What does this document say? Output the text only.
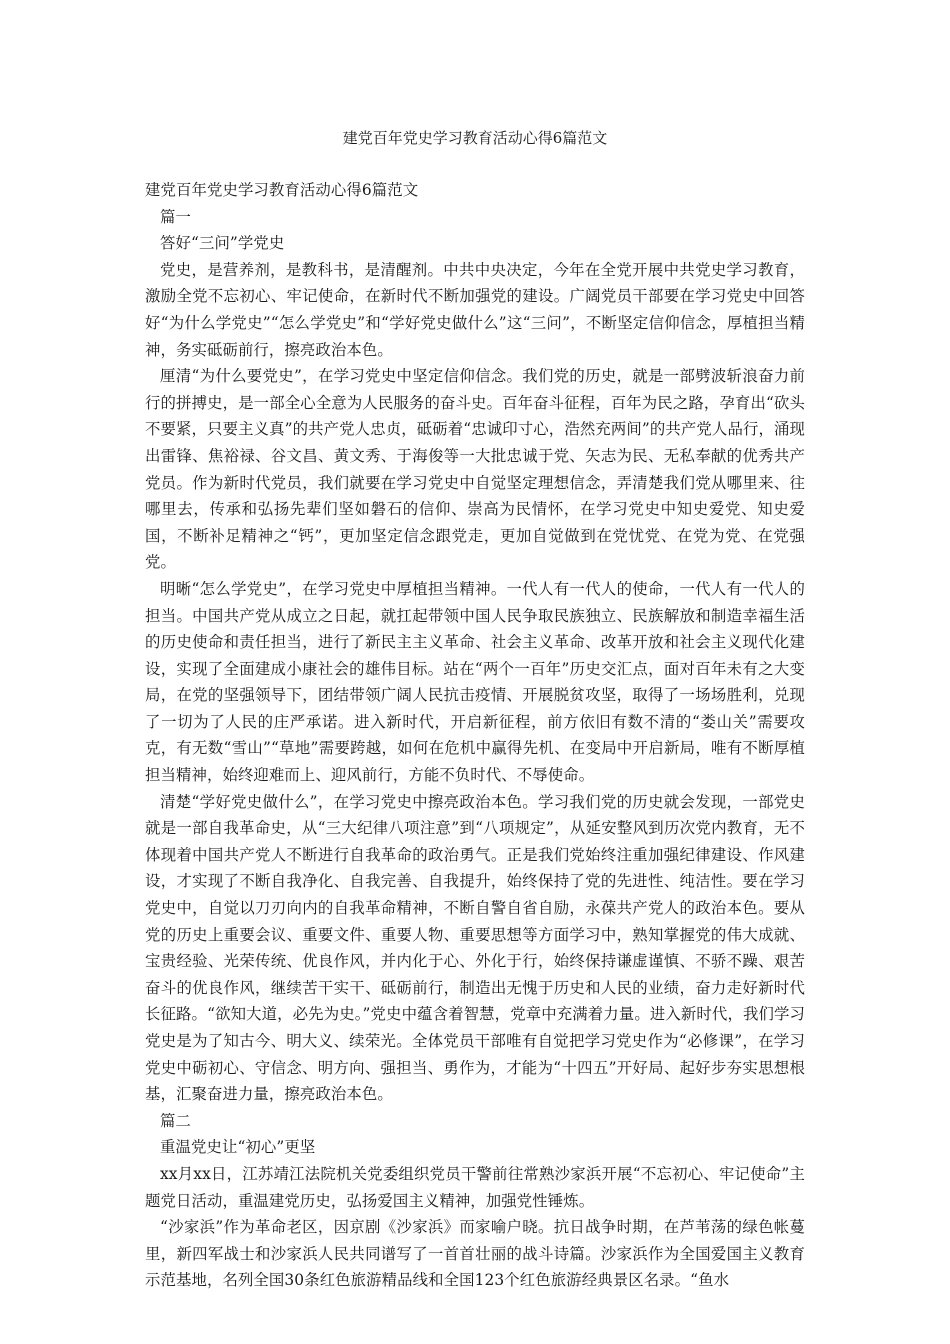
建党百年党史学习教育活动心得6篇范文

建党百年党史学习教育活动心得6篇范文

篇一

答好“三问”学党史

党史，是营养剂，是教科书，是清醒剂。中共中央决定，今年在全党开展中共党史学习教育，激励全党不忘初心、牢记使命，在新时代不断加强党的建设。广阔党员干部要在学习党史中回答好“为什么学党史”“怎么学党史”和“学好党史做什么”这“三问”，不断坚定信仰信念，厚植担当精神，务实砥砺前行，擦亮政治本色。

厘清“为什么要党史”，在学习党史中坚定信仰信念。我们党的历史，就是一部劈波斩浪奋力前行的拼搏史，是一部全心全意为人民服务的奋斗史。百年奋斗征程，百年为民之路，孕育出“砍头不要紧，只要主义真”的共产党人忠贞，砥砺着“忠诚印寸心，浩然充两间”的共产党人品行，涌现出雷锋、焦裕禄、谷文昌、黄文秀、于海俊等一大批忠诚于党、矢志为民、无私奉献的优秀共产党员。作为新时代党员，我们就要在学习党史中自觉坚定理想信念，弄清楚我们党从哪里来、往哪里去，传承和弘扬先辈们坚如磐石的信仰、崇高为民情怀，在学习党史中知史爱党、知史爱国，不断补足精神之“钙”，更加坚定信念跟党走，更加自觉做到在党忧党、在党为党、在党强党。

明晰“怎么学党史”，在学习党史中厚植担当精神。一代人有一代人的使命，一代人有一代人的担当。中国共产党从成立之日起，就扛起带领中国人民争取民族独立、民族解放和制造幸福生活的历史使命和责任担当，进行了新民主主义革命、社会主义革命、改革开放和社会主义现代化建设，实现了全面建成小康社会的雄伟目标。站在“两个一百年”历史交汇点，面对百年未有之大变局，在党的坚强领导下，团结带领广阔人民抗击疫情、开展脱贫攻坚，取得了一场场胜利，兑现了一切为了人民的庄严承诺。进入新时代，开启新征程，前方依旧有数不清的“娄山关”需要攻克，有无数“雪山”“草地”需要跨越，如何在危机中赢得先机、在变局中开启新局，唯有不断厚植担当精神，始终迎难而上、迎风前行，方能不负时代、不辱使命。

清楚“学好党史做什么”，在学习党史中擦亮政治本色。学习我们党的历史就会发现，一部党史就是一部自我革命史，从“三大纪律八项注意”到“八项规定”，从延安整风到历次党内教育，无不体现着中国共产党人不断进行自我革命的政治勇气。正是我们党始终注重加强纪律建设、作风建设，才实现了不断自我净化、自我完善、自我提升，始终保持了党的先进性、纯洁性。要在学习党史中，自觉以刀刃向内的自我革命精神，不断自警自省自励，永葆共产党人的政治本色。要从党的历史上重要会议、重要文件、重要人物、重要思想等方面学习中，熟知掌握党的伟大成就、宝贵经验、光荣传统、优良作风，并内化于心、外化于行，始终保持谦虚谨慎、不骄不躁、艰苦奋斗的优良作风，继续苦干实干、砥砺前行，制造出无愧于历史和人民的业绩，奋力走好新时代长征路。“欲知大道，必先为史。”党史中蕴含着智慧，党章中充满着力量。进入新时代，我们学习党史是为了知古今、明大义、续荣光。全体党员干部唯有自觉把学习党史作为“必修课”，在学习党史中砺初心、守信念、明方向、强担当、勇作为，才能为“十四五”开好局、起好步夯实思想根基，汇聚奋进力量，擦亮政治本色。

篇二

重温党史让“初心”更坚

xx月xx日，江苏靖江法院机关党委组织党员干警前往常熟沙家浜开展“不忘初心、牢记使命”主题党日活动，重温建党历史，弘扬爱国主义精神，加强党性锤炼。

“沙家浜”作为革命老区，因京剧《沙家浜》而家喻户晓。抗日战争时期，在芦苇荡的绿色帐蔓里，新四军战士和沙家浜人民共同谱写了一首首壮丽的战斗诗篇。沙家浜作为全国爱国主义教育示范基地，名列全国30条红色旅游精品线和全国123个红色旅游经典景区名录。“鱼水
